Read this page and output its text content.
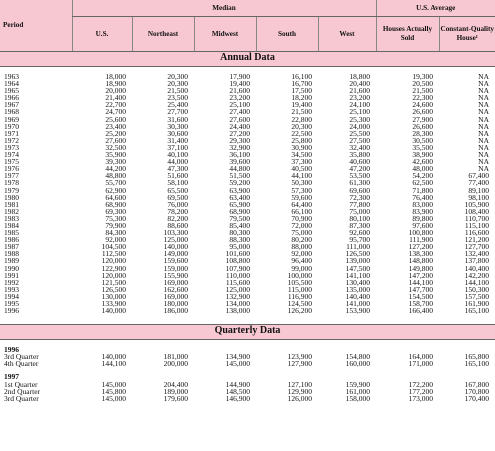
Period	Median					U.S. Average	
	U.S.	Northeast	Midwest	South	West	Houses Actually Sold	Constant-Quality House¹
Annual Data

1963	18,000	20,300	17,900	16,100	18,800	19,300	NA
1964	18,900	20,300	19,400	16,700	20,400	20,500	NA
1965	20,000	21,500	21,600	17,500	21,600	21,500	NA
1966	21,400	23,500	23,200	18,200	23,200	22,300	NA
1967	22,700	25,400	25,100	19,400	24,100	24,600	NA
1968	24,700	27,700	27,400	21,500	25,100	26,600	NA
1969	25,600	31,600	27,600	22,800	25,300	27,900	NA
1970	23,400	30,300	24,400	20,300	24,000	26,600	NA
1971	25,200	30,600	27,200	22,500	25,500	28,300	NA
1972	27,600	31,400	29,300	25,800	27,500	30,500	NA
1973	32,500	37,100	32,900	30,900	32,400	35,500	NA
1974	35,900	40,100	36,100	34,500	35,800	38,900	NA
1975	39,300	44,000	39,600	37,300	40,600	42,600	NA
1976	44,200	47,300	44,800	40,500	47,200	48,000	NA
1977	48,800	51,600	51,500	44,100	53,500	54,200	67,400
1978	55,700	58,100	59,200	50,300	61,300	62,500	77,400
1979	62,900	65,500	63,900	57,300	69,600	71,800	89,100
1980	64,600	69,500	63,400	59,600	72,300	76,400	98,100
1981	68,900	76,000	65,900	64,400	77,800	83,000	105,900
1982	69,300	78,200	68,900	66,100	75,000	83,900	108,400
1983	75,300	82,200	79,500	70,900	80,100	89,800	110,700
1984	79,900	88,600	85,400	72,000	87,300	97,600	115,100
1985	84,300	103,300	80,300	75,000	92,600	100,800	116,600
1986	92,000	125,000	88,300	80,200	95,700	111,900	121,200
1987	104,500	140,000	95,000	88,000	111,000	127,200	127,700
1988	112,500	149,000	101,600	92,000	126,500	138,300	132,400
1989	120,000	159,600	108,800	96,400	139,000	148,800	137,800
1990	122,900	159,000	107,900	99,000	147,500	149,800	140,400
1991	120,000	155,900	110,000	100,000	141,100	147,200	142,200
1992	121,500	169,000	115,600	105,500	130,400	144,100	144,100
1993	126,500	162,600	125,000	115,000	135,000	147,700	150,300
1994	130,000	169,000	132,900	116,900	140,400	154,500	157,500
1995	133,900	180,000	134,000	124,500	141,000	158,700	161,900
1996	140,000	186,000	138,000	126,200	153,900	166,400	165,100

Quarterly Data

1996							
3rd Quarter	140,000	181,000	134,900	123,900	154,800	164,000	165,800
4th Quarter	144,100	200,000	145,000	127,900	160,000	171,000	165,100

1997							
1st Quarter	145,000	204,400	144,900	127,100	159,900	172,200	167,800
2nd Quarter	145,800	189,000	148,500	129,900	161,000	177,200	170,800
3rd Quarter	145,000	179,600	146,900	126,000	158,000	173,000	170,400
